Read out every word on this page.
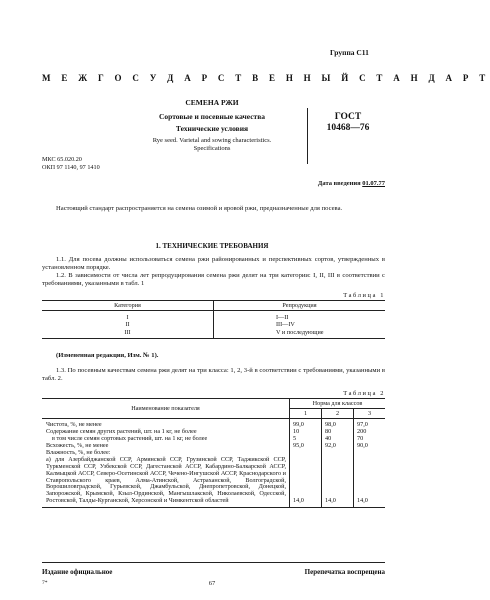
Группа С11
М Е Ж Г О С У Д А Р С Т В Е Н Н Ы Й С Т А Н Д А Р Т
СЕМЕНА РЖИ
Сортовые и посевные качества
Технические условия
Rye seed. Varietal and sowing characteristics.
Specifications
ГОСТ
10468—76
МКС 65.020.20
ОКП 97 1140, 97 1410
Дата введения 01.07.77
Настоящий стандарт распространяется на семена озимой и яровой ржи, предназначенные для посева.
1. ТЕХНИЧЕСКИЕ ТРЕБОВАНИЯ
1.1. Для посева должны использоваться семена ржи районированных и перспективных сортов, утвержденных в установленном порядке.
1.2. В зависимости от числа лет репродуцирования семена ржи делят на три категории: I, II, III в соответствии с требованиями, указанными в табл. 1
Таблица 1
Категория	Репродукция
I	I—II
II	III—IV
III	V и последующие
(Измененная редакция, Изм. № 1).
1.3. По посевным качествам семена ржи делят на три класса: 1, 2, 3-й в соответствии с требованиями, указанными в табл. 2.
Таблица 2
Наименование показателя	Норма для классов		
	1	2	3
Чистота, %, не менее	99,0	98,0	97,0
Содержание семян других растений, шт. на 1 кг, не более	10	80	200
в том числе семян сортовых растений, шт. на 1 кг, не более	5	40	70
Всхожесть, %, не менее	95,0	92,0	90,0
Влажность, %, не более:			
а) для Азербайджанской ССР, Армянской ССР, Грузинской ССР, Таджикской ССР, Туркменской ССР, Узбекской ССР, Дагестанской АССР, Кабардино-Балкарской АССР, Калмыцкой АССР, Северо-Осетинской АССР, Чечено-Ингушской АССР, Краснодарского и Ставропольского краев, Алма-Атинской, Астраханской, Волгоградской, Ворошиловградской, Гурьевской, Джамбульской, Днепропетровской, Донецкой, Запорожской, Крымской, Кзыл-Ординской, Мангышлакской, Николаевской, Одесской, Ростовской, Талды-Курганской, Херсонской и Чимкентской областей	14,0	14,0	14,0
Издание официальное	Перепечатка воспрещена
7*	67
